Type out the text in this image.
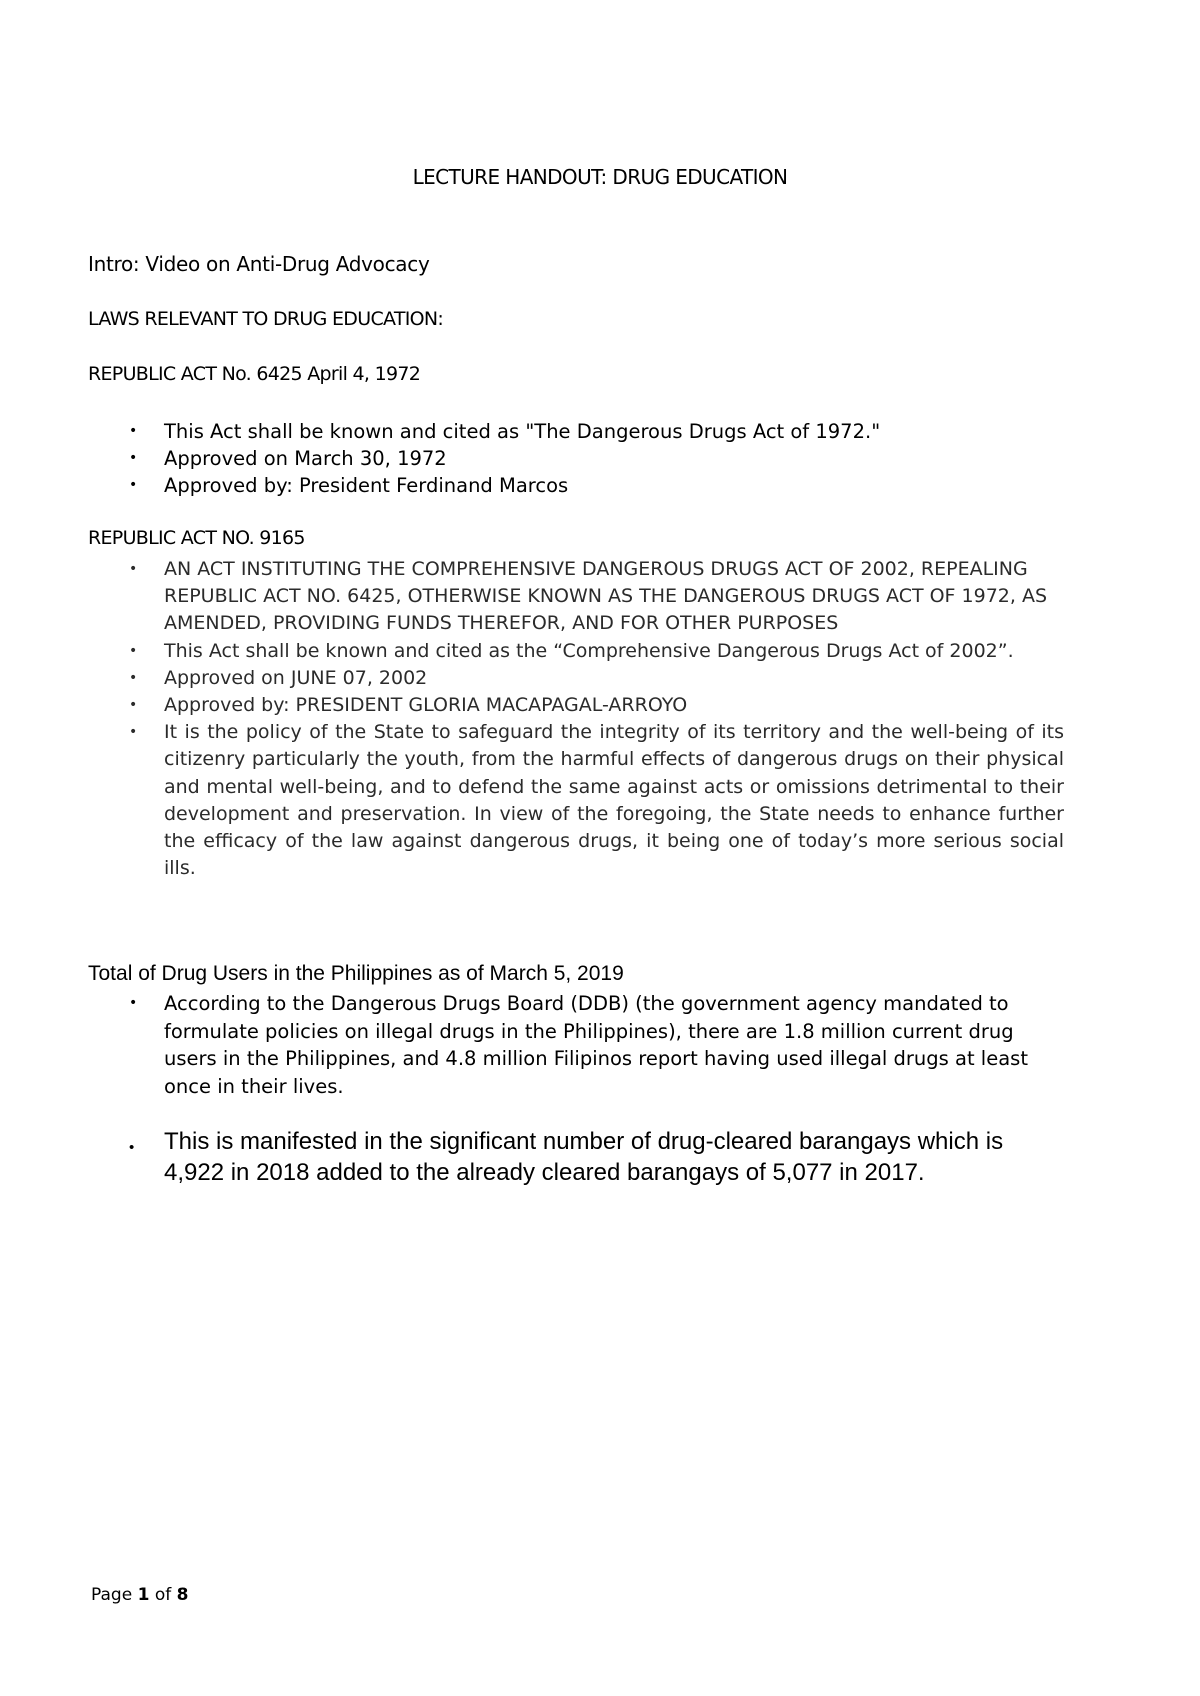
LECTURE HANDOUT: DRUG EDUCATION
Intro: Video on Anti-Drug Advocacy
LAWS RELEVANT TO DRUG EDUCATION:
REPUBLIC ACT No. 6425 April 4, 1972
• This Act shall be known and cited as "The Dangerous Drugs Act of 1972."
• Approved on March 30, 1972
• Approved by: President Ferdinand Marcos
REPUBLIC ACT NO. 9165
• AN ACT INSTITUTING THE COMPREHENSIVE DANGEROUS DRUGS ACT OF 2002, REPEALING REPUBLIC ACT NO. 6425, OTHERWISE KNOWN AS THE DANGEROUS DRUGS ACT OF 1972, AS AMENDED, PROVIDING FUNDS THEREFOR, AND FOR OTHER PURPOSES
• This Act shall be known and cited as the “Comprehensive Dangerous Drugs Act of 2002”.
• Approved on JUNE 07, 2002
• Approved by: PRESIDENT GLORIA MACAPAGAL-ARROYO
• It is the policy of the State to safeguard the integrity of its territory and the well-being of its citizenry particularly the youth, from the harmful effects of dangerous drugs on their physical and mental well-being, and to defend the same against acts or omissions detrimental to their development and preservation. In view of the foregoing, the State needs to enhance further the efficacy of the law against dangerous drugs, it being one of today’s more serious social ills.
Total of Drug Users in the Philippines as of March 5, 2019
• According to the Dangerous Drugs Board (DDB) (the government agency mandated to formulate policies on illegal drugs in the Philippines), there are 1.8 million current drug users in the Philippines, and 4.8 million Filipinos report having used illegal drugs at least once in their lives.
• This is manifested in the significant number of drug-cleared barangays which is 4,922 in 2018 added to the already cleared barangays of 5,077 in 2017.
Page 1 of 8
